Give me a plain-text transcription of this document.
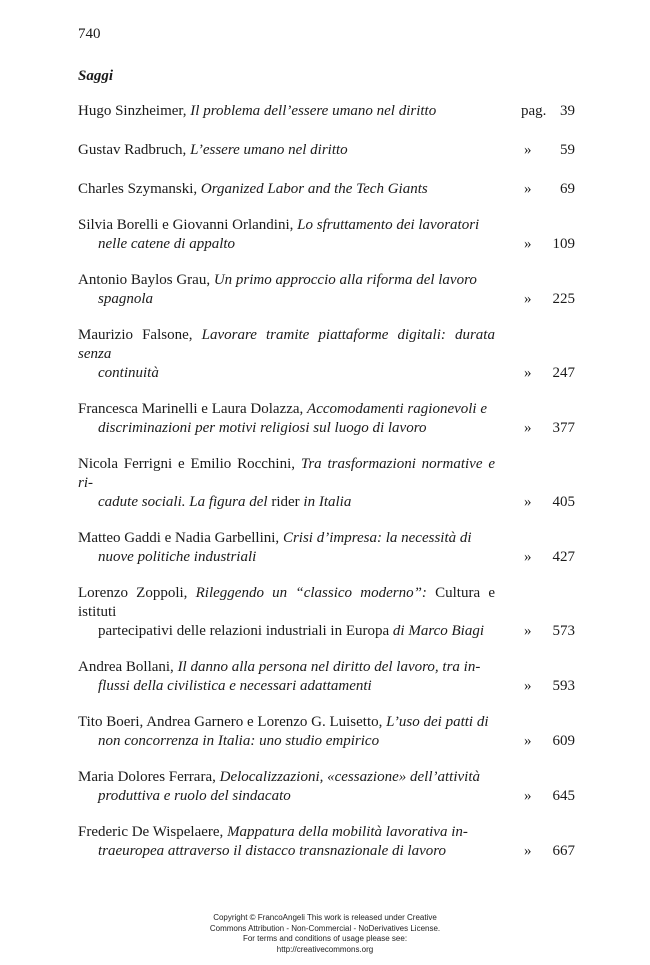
740
Saggi
Hugo Sinzheimer, Il problema dell’essere umano nel diritto	pag. 39
Gustav Radbruch, L’essere umano nel diritto	» 59
Charles Szymanski, Organized Labor and the Tech Giants	» 69
Silvia Borelli e Giovanni Orlandini, Lo sfruttamento dei lavoratori
nelle catene di appalto	» 109
Antonio Baylos Grau, Un primo approccio alla riforma del lavoro
spagnola	» 225
Maurizio Falsone, Lavorare tramite piattaforme digitali: durata senza
continuità	» 247
Francesca Marinelli e Laura Dolazza, Accomodamenti ragionevoli e
discriminazioni per motivi religiosi sul luogo di lavoro	» 377
Nicola Ferrigni e Emilio Rocchini, Tra trasformazioni normative e ri-
cadute sociali. La figura del rider in Italia	» 405
Matteo Gaddi e Nadia Garbellini, Crisi d’impresa: la necessità di
nuove politiche industriali	» 427
Lorenzo Zoppoli, Rileggendo un “classico moderno”: Cultura e istituti
partecipativi delle relazioni industriali in Europa di Marco Biagi	» 573
Andrea Bollani, Il danno alla persona nel diritto del lavoro, tra in-
flussi della civilistica e necessari adattamenti	» 593
Tito Boeri, Andrea Garnero e Lorenzo G. Luisetto, L’uso dei patti di
non concorrenza in Italia: uno studio empirico	» 609
Maria Dolores Ferrara, Delocalizzazioni, «cessazione» dell’attività
produttiva e ruolo del sindacato	» 645
Frederic De Wispelaere, Mappatura della mobilità lavorativa in-
traeuropea attraverso il distacco transnazionale di lavoro	» 667
Copyright © FrancoAngeli This work is released under Creative
Commons Attribution - Non-Commercial - NoDerivatives License.
For terms and conditions of usage please see:
http://creativecommons.org
